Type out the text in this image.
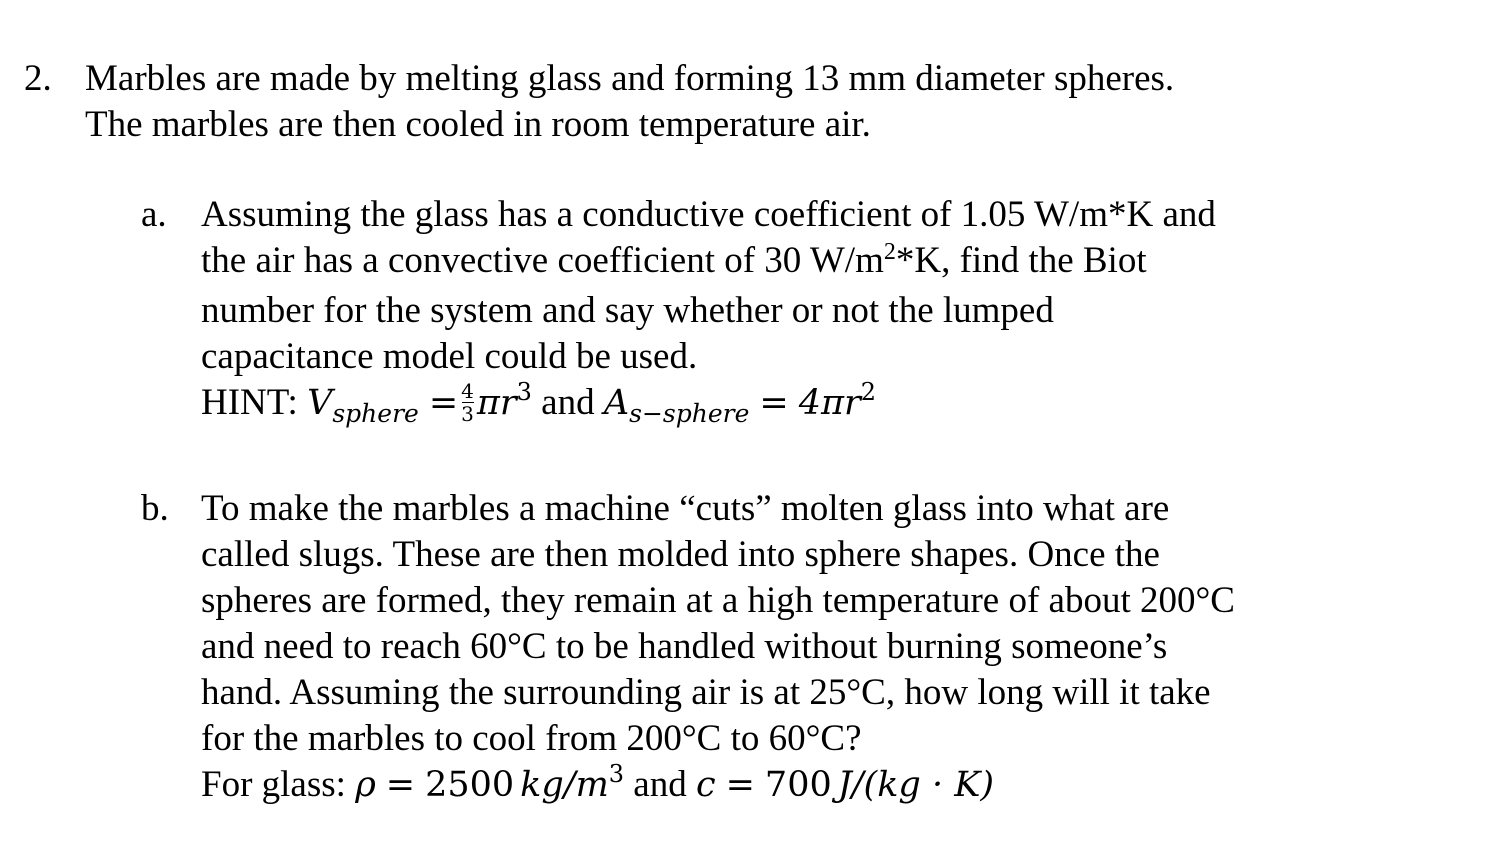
2. Marbles are made by melting glass and forming 13 mm diameter spheres.
The marbles are then cooled in room temperature air.
a. Assuming the glass has a conductive coefficient of 1.05 W/m*K and
the air has a convective coefficient of 30 $W/m^2*K$, find the Biot
number for the system and say whether or not the lumped
capacitance model could be used.
HINT: $V_{sphere} = \frac{4}{3} \pi r^3$ and $A_{s-sphere} = 4\pi r^2$
b. To make the marbles a machine “cuts” molten glass into what are
called slugs. These are then molded into sphere shapes. Once the
spheres are formed, they remain at a high temperature of about 200°C
and need to reach 60°C to be handled without burning someone’s
hand. Assuming the surrounding air is at 25°C, how long will it take
for the marbles to cool from 200°C to 60°C?
For glass: ρ = 2500 $kg/m^3$ and c = 700 J/(kg · K)
